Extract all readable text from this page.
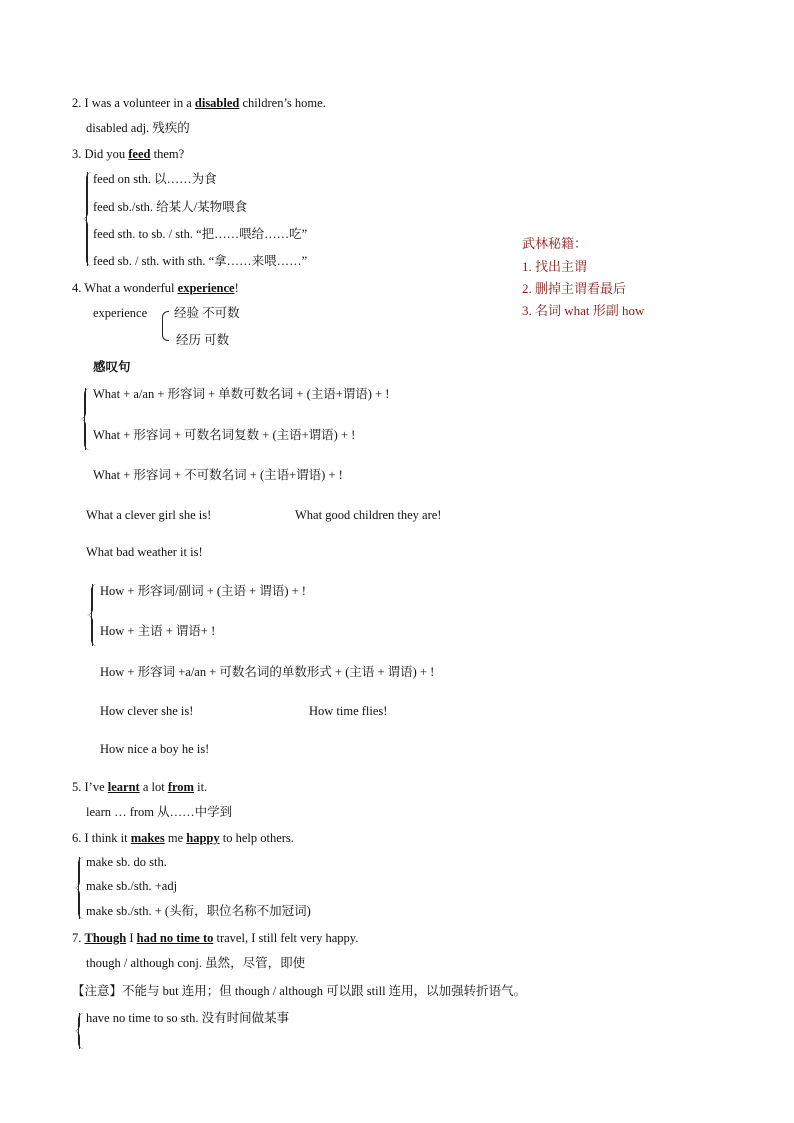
2. I was a volunteer in a disabled children’s home.
disabled adj. 残疾的
3. Did you feed them?
feed on sth. 以……为食
feed sb./sth. 给某人/某物喂食
feed sth. to sb. / sth. “把……喂给……吃”
feed sb. / sth. with sth. “拿……来喂……”
武林秘籍：
1. 找出主谓
2. 删掉主谓看最后
3. 名词 what 形副 how
4. What a wonderful experience!
experience 经验 不可数
经历 可数
感叹句
What + a/an + 形容词 + 单数可数名词 + (主语+谓语) + !
What + 形容词 + 可数名词复数 + (主语+谓语) + !
What + 形容词 + 不可数名词 + (主语+谓语) + !
What a clever girl she is!	What good children they are!
What bad weather it is!
How + 形容词/副词 + (主语 + 谓语) + !
How + 主语 + 谓语+ !
How + 形容词 +a/an + 可数名词的单数形式 + (主语 + 谓语) + !
How clever she is!	How time flies!
How nice a boy he is!
5. I’ve learnt a lot from it.
learn … from 从……中学到
6. I think it makes me happy to help others.
make sb. do sth.
make sb./sth. +adj
make sb./sth. + (头衔，职位名称不加冠词)
7. Though I had no time to travel, I still felt very happy.
though / although conj. 虽然，尽管，即使
【注意】不能与 but 连用；但 though / although 可以跟 still 连用，以加强转折语气。
have no time to so sth. 没有时间做某事
